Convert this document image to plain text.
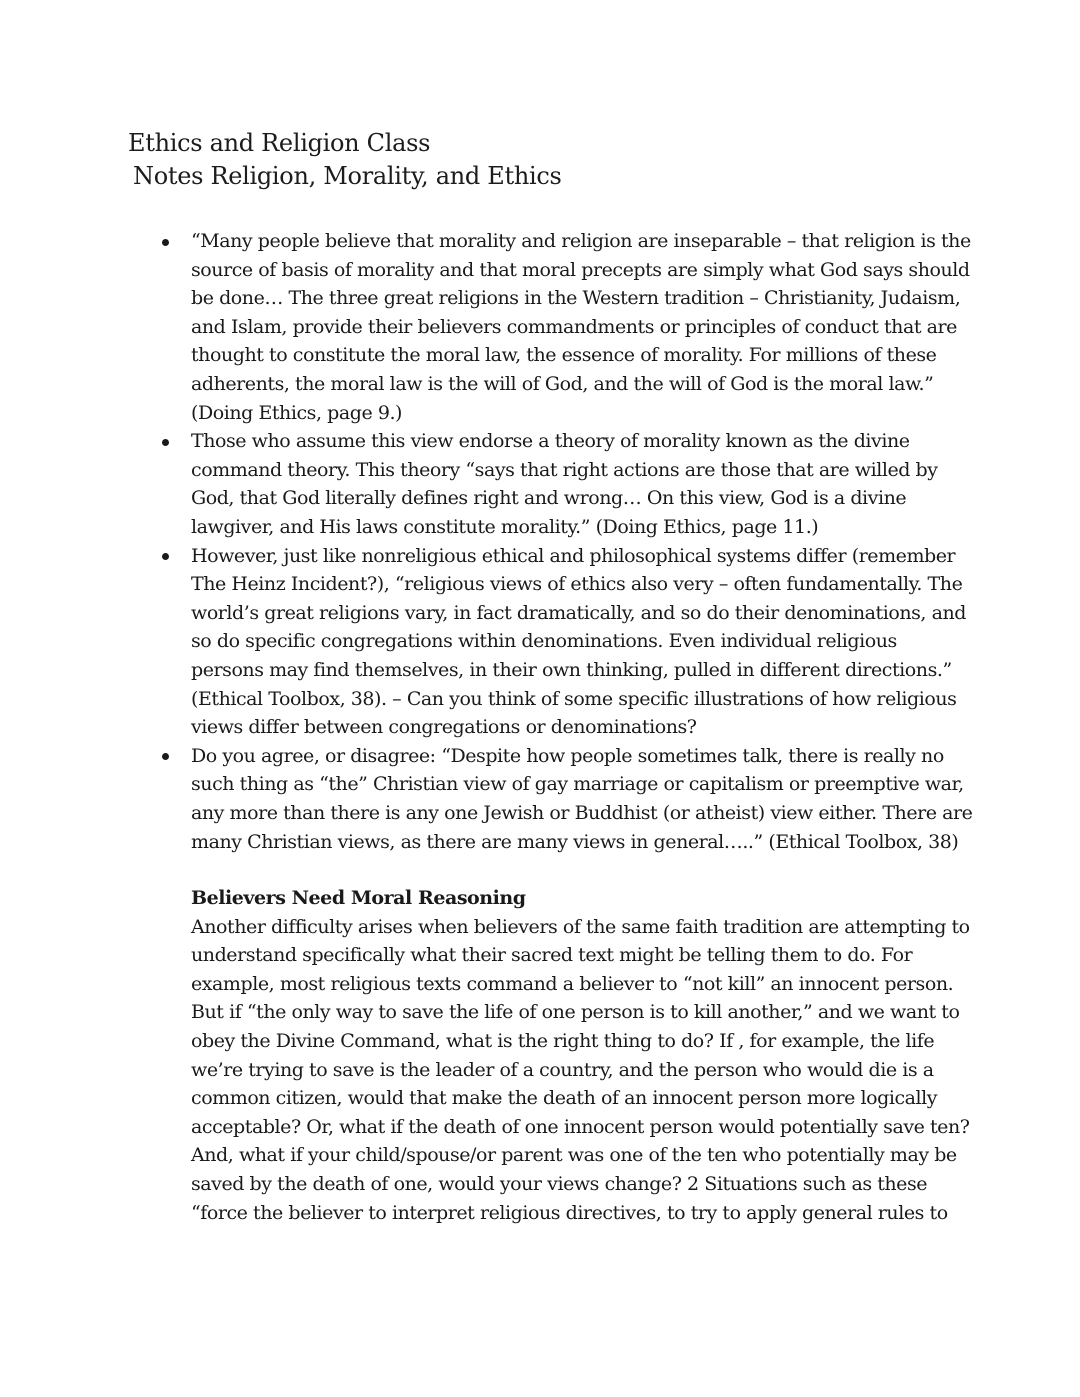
Ethics and Religion Class
Notes Religion, Morality, and Ethics
“Many people believe that morality and religion are inseparable – that religion is the
source of basis of morality and that moral precepts are simply what God says should
be done… The three great religions in the Western tradition – Christianity, Judaism,
and Islam, provide their believers commandments or principles of conduct that are
thought to constitute the moral law, the essence of morality. For millions of these
adherents, the moral law is the will of God, and the will of God is the moral law.”
(Doing Ethics, page 9.)
Those who assume this view endorse a theory of morality known as the divine
command theory. This theory “says that right actions are those that are willed by
God, that God literally defines right and wrong… On this view, God is a divine
lawgiver, and His laws constitute morality.” (Doing Ethics, page 11.)
However, just like nonreligious ethical and philosophical systems differ (remember
The Heinz Incident?), “religious views of ethics also very – often fundamentally. The
world’s great religions vary, in fact dramatically, and so do their denominations, and
so do specific congregations within denominations. Even individual religious
persons may find themselves, in their own thinking, pulled in different directions.”
(Ethical Toolbox, 38). – Can you think of some specific illustrations of how religious
views differ between congregations or denominations?
Do you agree, or disagree: “Despite how people sometimes talk, there is really no
such thing as “the” Christian view of gay marriage or capitalism or preemptive war,
any more than there is any one Jewish or Buddhist (or atheist) view either. There are
many Christian views, as there are many views in general…..” (Ethical Toolbox, 38)
Believers Need Moral Reasoning
Another difficulty arises when believers of the same faith tradition are attempting to
understand specifically what their sacred text might be telling them to do. For
example, most religious texts command a believer to “not kill” an innocent person.
But if “the only way to save the life of one person is to kill another,” and we want to
obey the Divine Command, what is the right thing to do? If , for example, the life
we’re trying to save is the leader of a country, and the person who would die is a
common citizen, would that make the death of an innocent person more logically
acceptable? Or, what if the death of one innocent person would potentially save ten?
And, what if your child/spouse/or parent was one of the ten who potentially may be
saved by the death of one, would your views change? 2 Situations such as these
“force the believer to interpret religious directives, to try to apply general rules to
